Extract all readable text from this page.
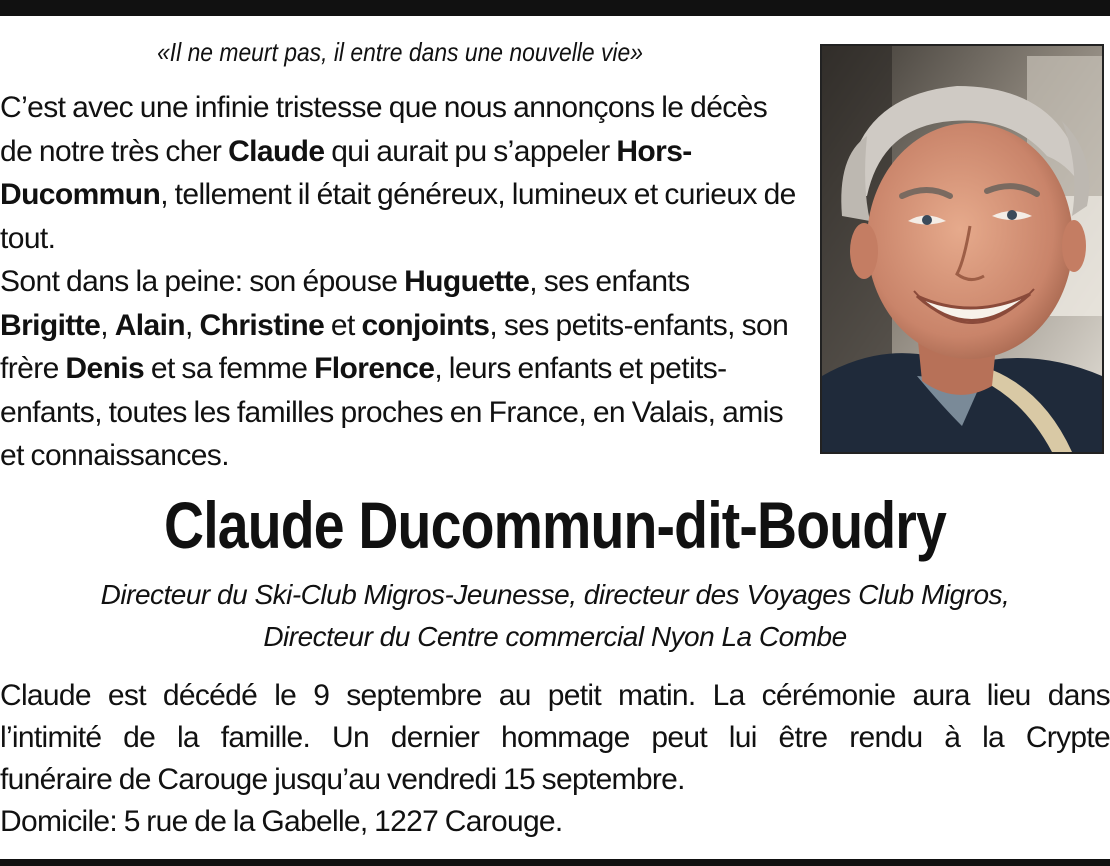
«Il ne meurt pas, il entre dans une nouvelle vie»

C’est avec une infinie tristesse que nous annonçons le décès de notre très cher Claude qui aurait pu s’appeler Hors-Ducommun, tellement il était généreux, lumineux et curieux de tout.

Sont dans la peine: son épouse Huguette, ses enfants Brigitte, Alain, Christine et conjoints, ses petits-enfants, son frère Denis et sa femme Florence, leurs enfants et petits-enfants, toutes les familles proches en France, en Valais, amis et connaissances.

Claude Ducommun-dit-Boudry
Directeur du Ski-Club Migros-Jeunesse, directeur des Voyages Club Migros,
Directeur du Centre commercial Nyon La Combe

Claude est décédé le 9 septembre au petit matin. La cérémonie aura lieu dans

l’intimité de la famille. Un dernier hommage peut lui être rendu à la Crypte

funéraire de Carouge jusqu’au vendredi 15 septembre.

Domicile: 5 rue de la Gabelle, 1227 Carouge.
